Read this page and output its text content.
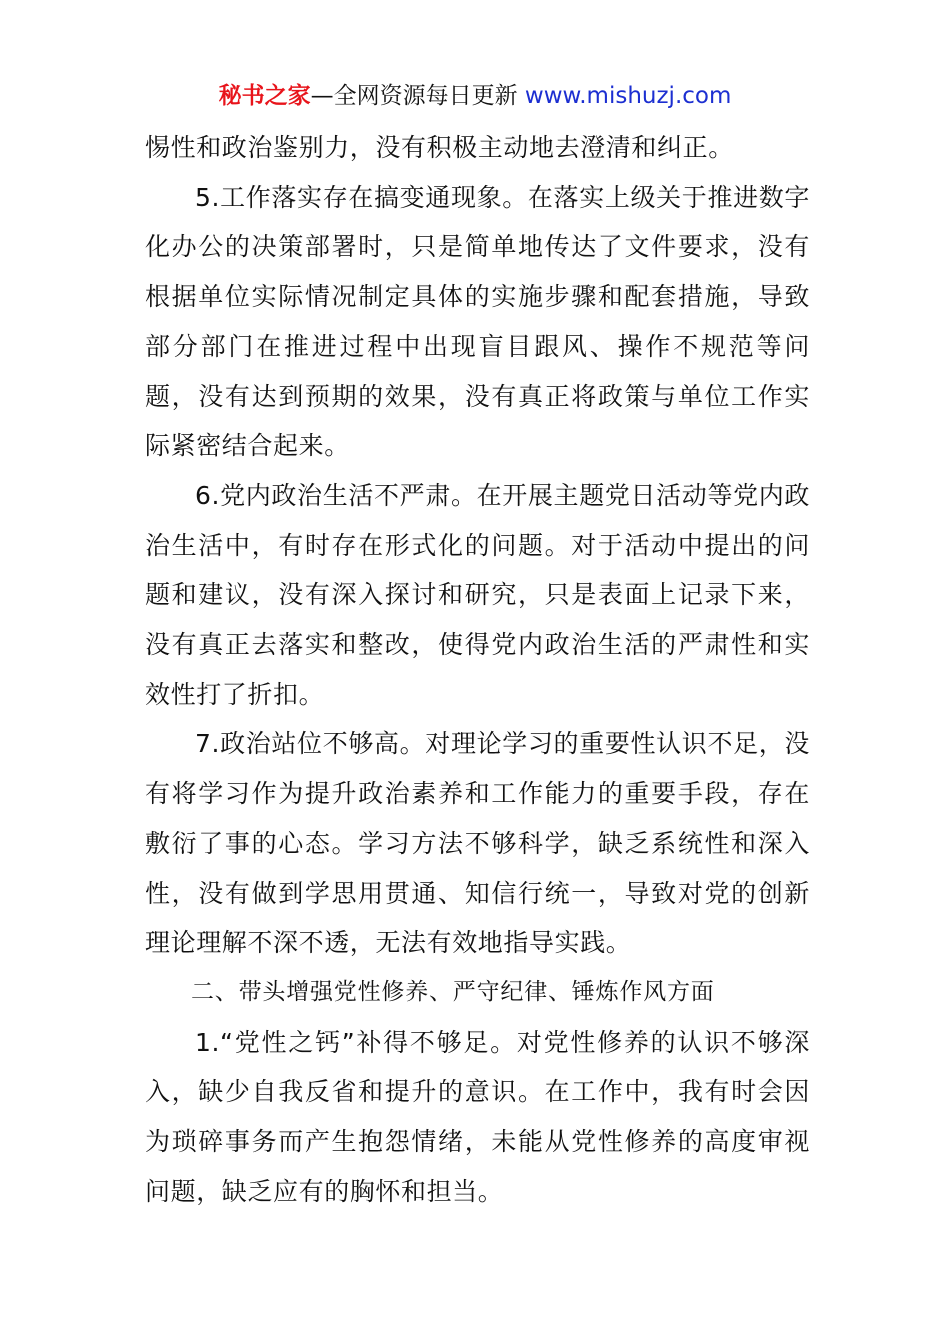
秘书之家—全网资源每日更新 www.mishuzj.com

惕性和政治鉴别力，没有积极主动地去澄清和纠正。

5.工作落实存在搞变通现象。在落实上级关于推进数字化办公的决策部署时，只是简单地传达了文件要求，没有根据单位实际情况制定具体的实施步骤和配套措施，导致部分部门在推进过程中出现盲目跟风、操作不规范等问题，没有达到预期的效果，没有真正将政策与单位工作实际紧密结合起来。

6.党内政治生活不严肃。在开展主题党日活动等党内政治生活中，有时存在形式化的问题。对于活动中提出的问题和建议，没有深入探讨和研究，只是表面上记录下来，没有真正去落实和整改，使得党内政治生活的严肃性和实效性打了折扣。

7.政治站位不够高。对理论学习的重要性认识不足，没有将学习作为提升政治素养和工作能力的重要手段，存在敷衍了事的心态。学习方法不够科学，缺乏系统性和深入性，没有做到学思用贯通、知信行统一，导致对党的创新理论理解不深不透，无法有效地指导实践。

二、带头增强党性修养、严守纪律、锤炼作风方面

1.“党性之钙”补得不够足。对党性修养的认识不够深入，缺少自我反省和提升的意识。在工作中，我有时会因为琐碎事务而产生抱怨情绪，未能从党性修养的高度审视问题，缺乏应有的胸怀和担当。
